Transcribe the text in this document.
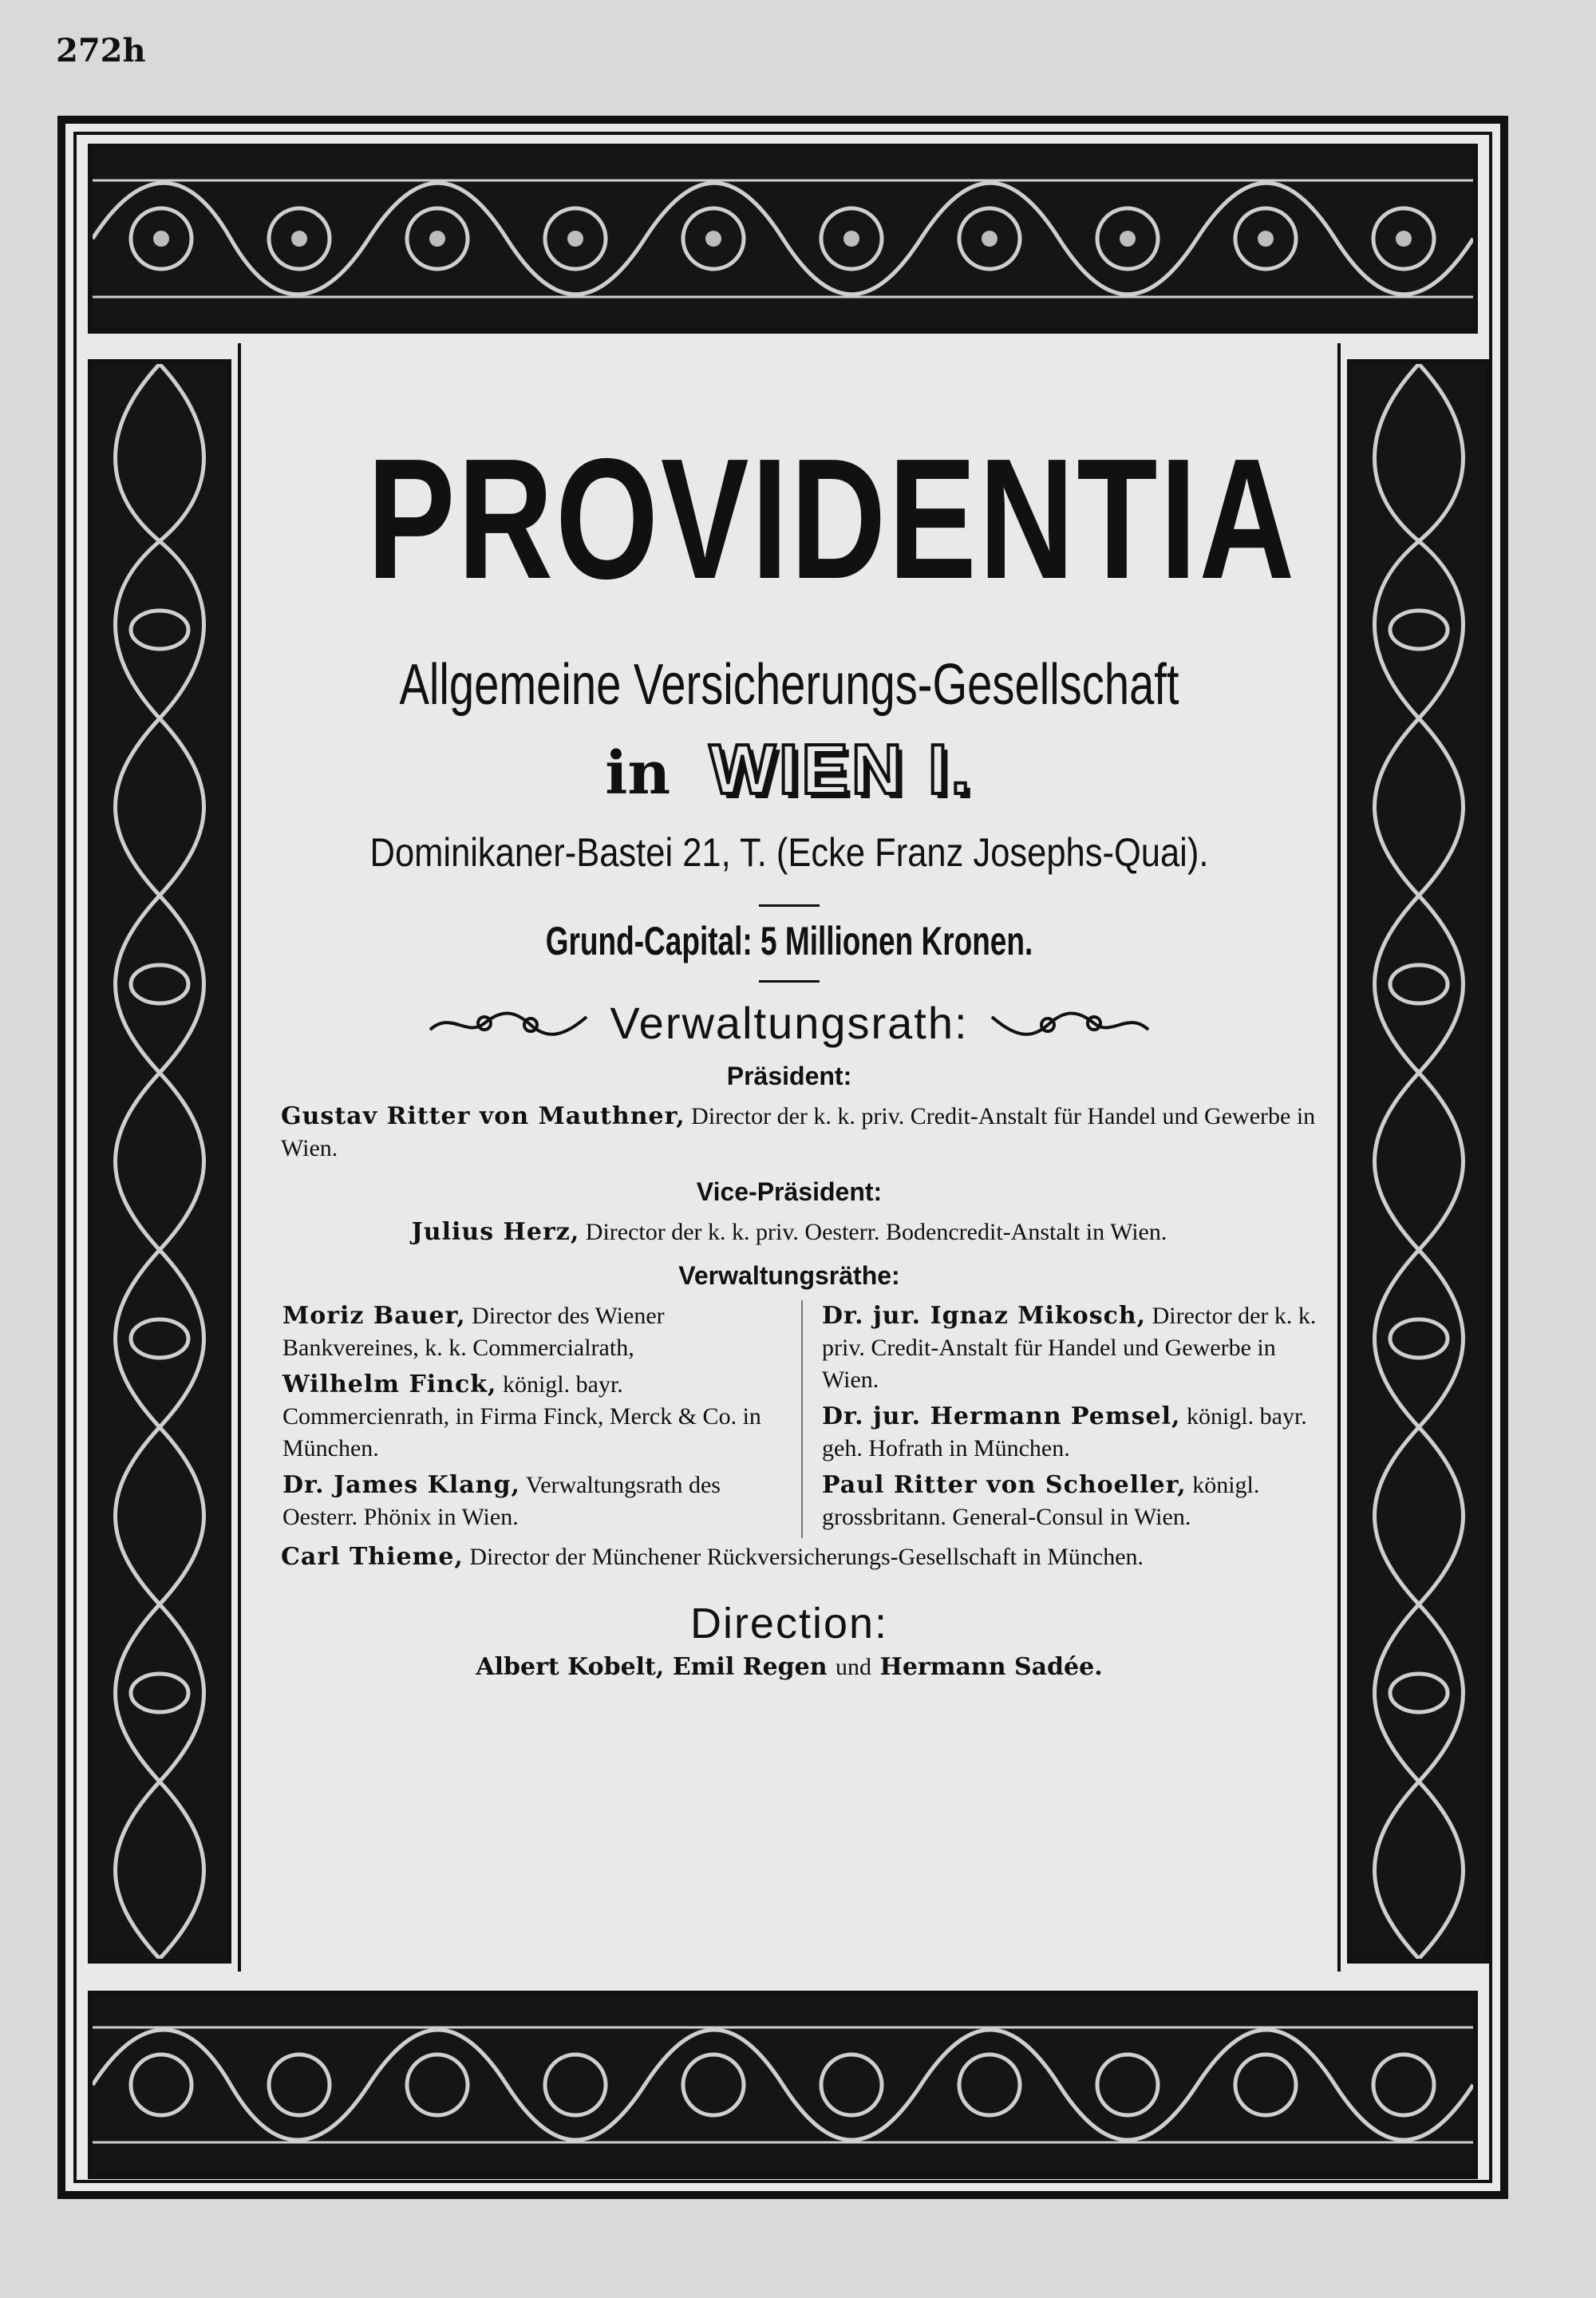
272h
PROVIDENTIA
Allgemeine Versicherungs-Gesellschaft
in WIEN I.
Dominikaner-Bastei 21, T. (Ecke Franz Josephs-Quai).
Grund-Capital: 5 Millionen Kronen.
Verwaltungsrath:
Präsident:
Gustav Ritter von Mauthner, Director der k. k. priv. Credit-Anstalt für Handel und Gewerbe in Wien.
Vice-Präsident:
Julius Herz, Director der k. k. priv. Oesterr. Bodencredit-Anstalt in Wien.
Verwaltungsräthe:
Moriz Bauer, Director des Wiener Bankvereines, k. k. Commercialrath,
Wilhelm Finck, königl. bayr. Commercienrath, in Firma Finck, Merck & Co. in München.
Dr. James Klang, Verwaltungsrath des Oesterr. Phönix in Wien.
Dr. jur. Ignaz Mikosch, Director der k. k. priv. Credit-Anstalt für Handel und Gewerbe in Wien.
Dr. jur. Hermann Pemsel, königl. bayr. geh. Hofrath in München.
Paul Ritter von Schoeller, königl. grossbritann. General-Consul in Wien.
Carl Thieme, Director der Münchener Rückversicherungs-Gesellschaft in München.
Direction:
Albert Kobelt, Emil Regen und Hermann Sadée.
